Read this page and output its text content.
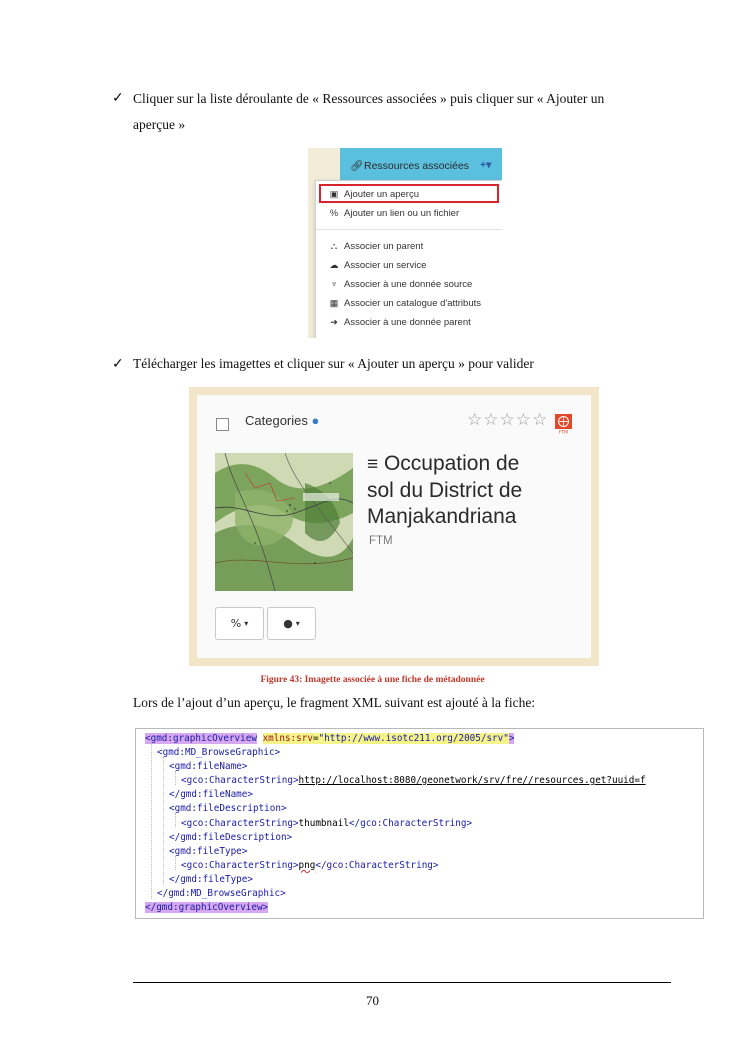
✓ Cliquer sur la liste déroulante de « Ressources associées » puis cliquer sur « Ajouter un
aperçue »
🔗︎ Ressources associées +▾
▣ Ajouter un aperçu
% Ajouter un lien ou un fichier
⛬ Associer un parent
☁ Associer un service
♆ Associer à une donnée source
▦ Associer un catalogue d'attributs
➜ Associer à une donnée parent
✓ Télécharger les imagettes et cliquer sur « Ajouter un aperçu » pour valider
Categories ●	☆☆☆☆☆
FTM
≡ Occupation de
sol du District de
Manjakandriana
FTM
% ▾	● ▾
Figure 43: Imagette associée à une fiche de métadonnée
Lors de l’ajout d’un aperçu, le fragment XML suivant est ajouté à la fiche:
<gmd:graphicOverview xmlns:srv="http://www.isotc211.org/2005/srv">
<gmd:MD_BrowseGraphic>
<gmd:fileName>
<gco:CharacterString>http://localhost:8080/geonetwork/srv/fre//resources.get?uuid=f
</gmd:fileName>
<gmd:fileDescription>
<gco:CharacterString>thumbnail</gco:CharacterString>
</gmd:fileDescription>
<gmd:fileType>
<gco:CharacterString>png</gco:CharacterString>
</gmd:fileType>
</gmd:MD_BrowseGraphic>
</gmd:graphicOverview>
70
